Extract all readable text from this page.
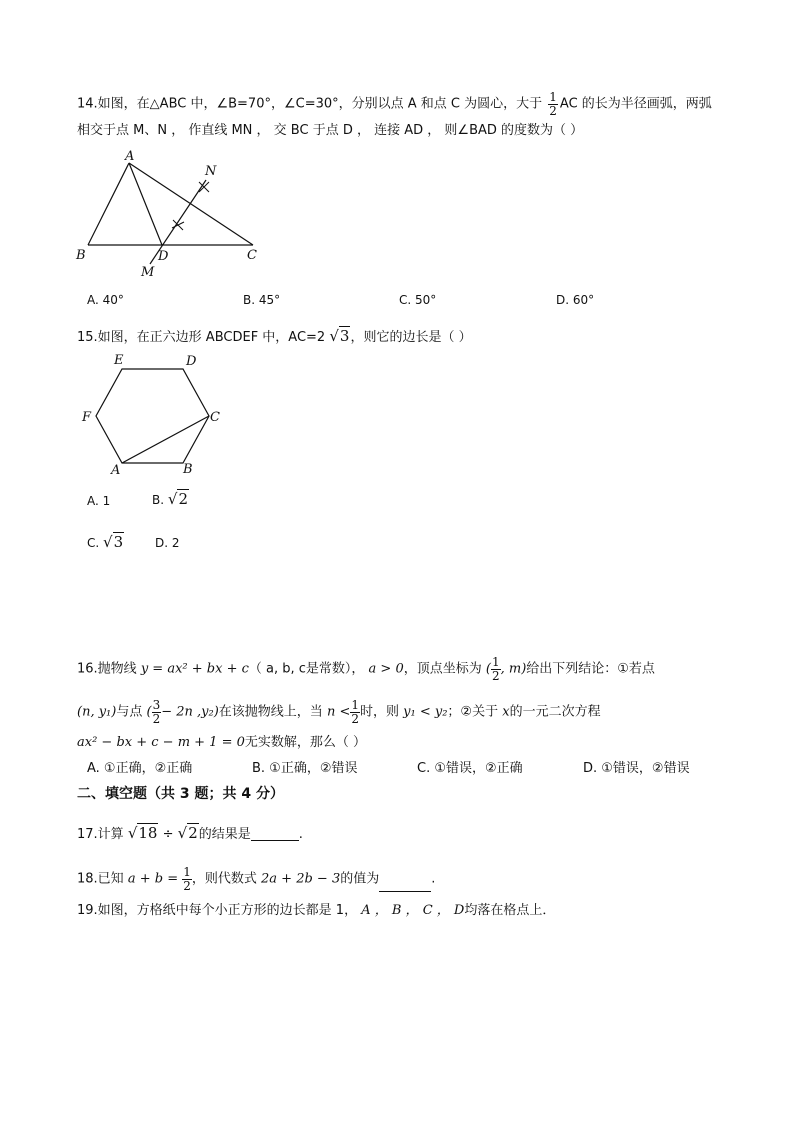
14.如图，在△ABC 中，∠B=70°，∠C=30°，分别以点 A 和点 C 为圆心，大于 $\frac{1}{2}$ AC 的长为半径画弧，两弧
相交于点 M、N ， 作直线 MN ， 交 BC 于点 D ， 连接 AD ， 则∠BAD 的度数为（ ）
A
B	C
D
M
N
A. 40°	B. 45°	C. 50°	D. 60°
15.如图，在正六边形 ABCDEF 中，AC=2 √3，则它的边长是（ ）
E	D
F	C
A	B
A. 1	B. √2
C. √3	D. 2
16.抛物线 y = ax² + bx + c（ a, b, c是常数）， a > 0，顶点坐标为 ( $\frac{1}{2}$ , m)给出下列结论：①若点
(n, y₁)与点 ( $\frac{3}{2} - 2n$ ,y₂)在该抛物线上，当 $n < \frac{1}{2}$ 时，则 y₁ < y₂；②关于 x的一元二次方程
ax² − bx + c − m + 1 = 0无实数解，那么（ ）
A. ①正确，②正确	B. ①正确，②错误	C. ①错误，②正确	D. ①错误，②错误
二、填空题（共 3 题；共 4 分）
17.计算 √18 ÷ √2的结果是	.
18.已知 $a + b = \frac{1}{2}$ ，则代数式 2a + 2b − 3的值为	.
19.如图，方格纸中每个小正方形的边长都是 1， A ， B ， C ， D均落在格点上．
